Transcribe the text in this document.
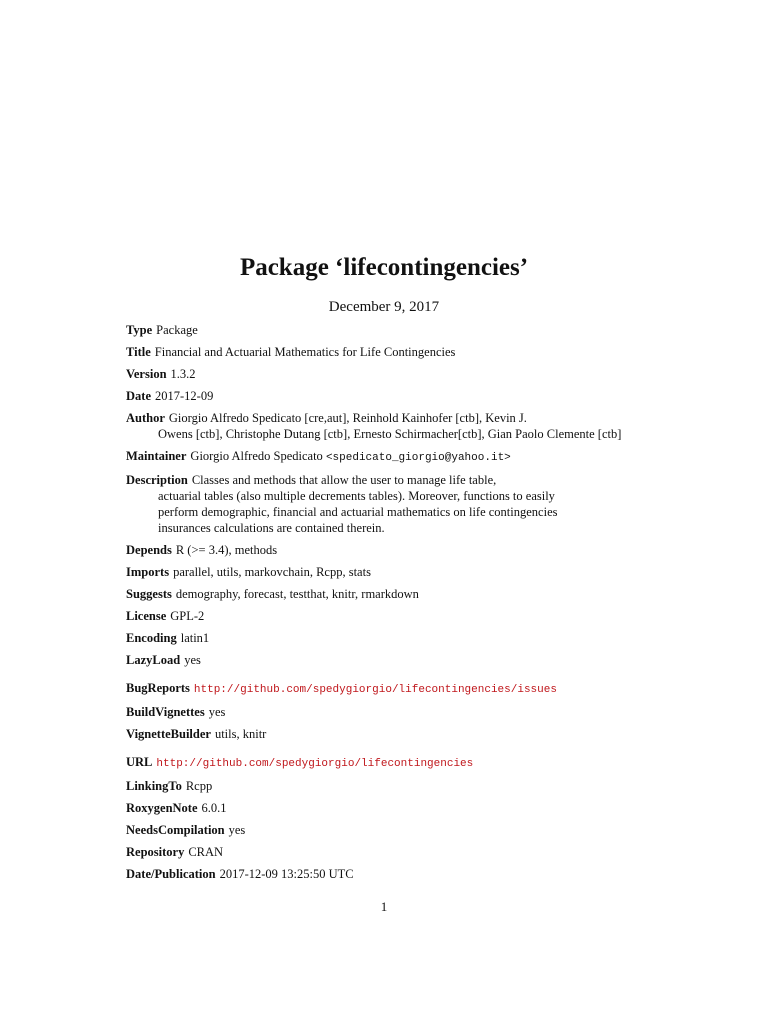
Package ‘lifecontingencies’
December 9, 2017
Type Package
Title Financial and Actuarial Mathematics for Life Contingencies
Version 1.3.2
Date 2017-12-09
Author Giorgio Alfredo Spedicato [cre,aut], Reinhold Kainhofer [ctb], Kevin J.
Owens [ctb], Christophe Dutang [ctb], Ernesto Schirmacher[ctb], Gian Paolo Clemente [ctb]
Maintainer Giorgio Alfredo Spedicato <spedicato_giorgio@yahoo.it>
Description Classes and methods that allow the user to manage life table,
actuarial tables (also multiple decrements tables). Moreover, functions to easily
perform demographic, financial and actuarial mathematics on life contingencies
insurances calculations are contained therein.
Depends R (>= 3.4), methods
Imports parallel, utils, markovchain, Rcpp, stats
Suggests demography, forecast, testthat, knitr, rmarkdown
License GPL-2
Encoding latin1
LazyLoad yes
BugReports http://github.com/spedygiorgio/lifecontingencies/issues
BuildVignettes yes
VignetteBuilder utils, knitr
URL http://github.com/spedygiorgio/lifecontingencies
LinkingTo Rcpp
RoxygenNote 6.0.1
NeedsCompilation yes
Repository CRAN
Date/Publication 2017-12-09 13:25:50 UTC
1
